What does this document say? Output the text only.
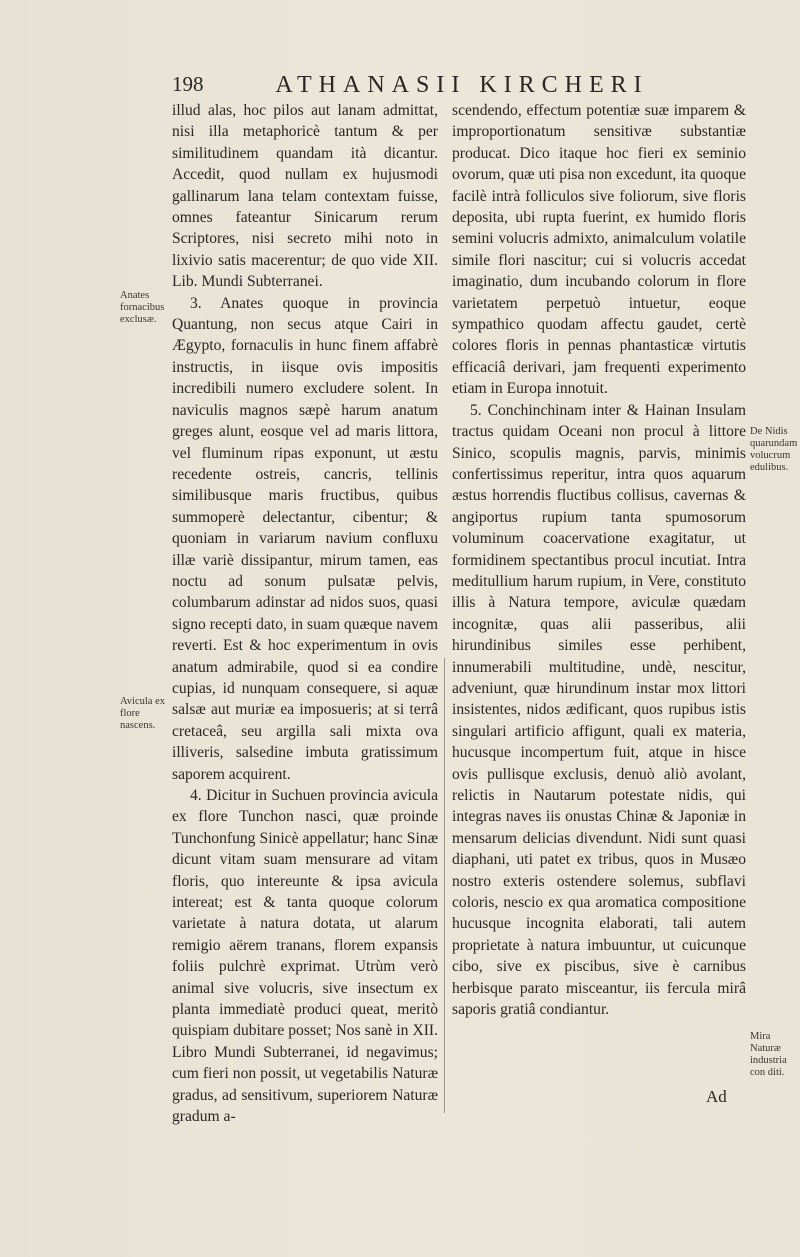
198	ATHANASII KIRCHERI
Anates fornacibus exclusæ.
Avicula ex flore nascens.
De Nidis quarundam volucrum edulibus.
Mira Naturæ industria con diti.

illud alas, hoc pilos aut lanam admittat, nisi illa metaphoricè tantum & per similitudinem quandam ità dicantur. Accedit, quod nullam ex hujusmodi gallinarum lana telam contextam fuisse, omnes fateantur Sinicarum rerum Scriptores, nisi secreto mihi noto in lixivio satis macerentur; de quo vide XII. Lib. Mundi Subterranei.

3. Anates quoque in provincia Quantung, non secus atque Cairi in Ægypto, fornaculis in hunc finem affabrè instructis, in iisque ovis impositis incredibili numero excludere solent. In naviculis magnos sæpè harum anatum greges alunt, eosque vel ad maris littora, vel fluminum ripas exponunt, ut æstu recedente ostreis, cancris, tellinis similibusque maris fructibus, quibus summoperè delectantur, cibentur; & quoniam in variarum navium confluxu illæ variè dissipantur, mirum tamen, eas noctu ad sonum pulsatæ pelvis, columbarum adinstar ad nidos suos, quasi signo recepti dato, in suam quæque navem reverti. Est & hoc experimentum in ovis anatum admirabile, quod si ea condire cupias, id nunquam consequere, si aquæ salsæ aut muriæ ea imposueris; at si terrâ cretaceâ, seu argilla sali mixta ova illiveris, salsedine imbuta gratissimum saporem acquirent.

4. Dicitur in Suchuen provincia avicula ex flore Tunchon nasci, quæ proinde Tunchonfung Sinicè appellatur; hanc Sinæ dicunt vitam suam mensurare ad vitam floris, quo intereunte & ipsa avicula intereat; est & tanta quoque colorum varietate à natura dotata, ut alarum remigio aërem tranans, florem expansis foliis pulchrè exprimat. Utrùm verò animal sive volucris, sive insectum ex planta immediatè produci queat, meritò quispiam dubitare posset; Nos sanè in XII. Libro Mundi Subterranei, id negavimus; cum fieri non possit, ut vegetabilis Naturæ gradus, ad sensitivum, superiorem Naturæ gradum a-

scendendo, effectum potentiæ suæ imparem & improportionatum sensitivæ substantiæ producat. Dico itaque hoc fieri ex seminio ovorum, quæ uti pisa non excedunt, ita quoque facilè intrà folliculos sive foliorum, sive floris deposita, ubi rupta fuerint, ex humido floris semini volucris admixto, animalculum volatile simile flori nascitur; cui si volucris accedat imaginatio, dum incubando colorum in flore varietatem perpetuò intuetur, eoque sympathico quodam affectu gaudet, certè colores floris in pennas phantasticæ virtutis efficaciâ derivari, jam frequenti experimento etiam in Europa innotuit.

5. Conchinchinam inter & Hainan Insulam tractus quidam Oceani non procul à littore Sinico, scopulis magnis, parvis, minimis confertissimus reperitur, intra quos aquarum æstus horrendis fluctibus collisus, cavernas & angiportus rupium tanta spumosorum voluminum coacervatione exagitatur, ut formidinem spectantibus procul incutiat. Intra meditullium harum rupium, in Vere, constituto illis à Natura tempore, aviculæ quædam incognitæ, quas alii passeribus, alii hirundinibus similes esse perhibent, innumerabili multitudine, undè, nescitur, adveniunt, quæ hirundinum instar mox littori insistentes, nidos ædificant, quos rupibus istis singulari artificio affigunt, quali ex materia, hucusque incompertum fuit, atque in hisce ovis pullisque exclusis, denuò aliò avolant, relictis in Nautarum potestate nidis, qui integras naves iis onustas Chinæ & Japoniæ in mensarum delicias divendunt. Nidi sunt quasi diaphani, uti patet ex tribus, quos in Musæo nostro exteris ostendere solemus, subflavi coloris, nescio ex qua aromatica compositione hucusque incognita elaborati, tali autem proprietate à natura imbuuntur, ut cuicunque cibo, sive ex piscibus, sive è carnibus herbisque parato misceantur, iis fercula mirâ saporis gratiâ condiantur.

Ad
